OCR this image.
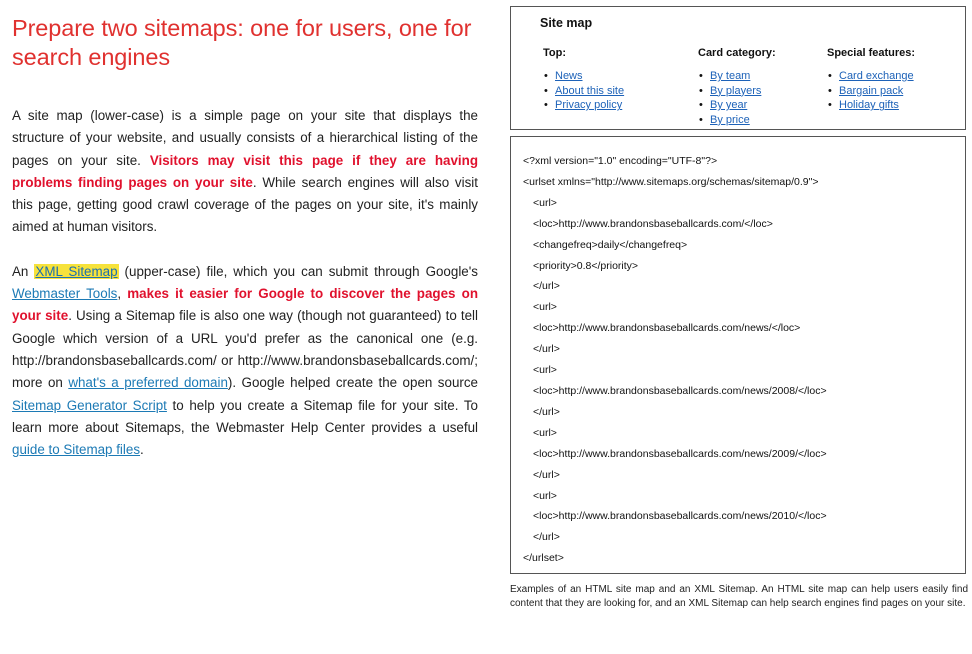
Prepare two sitemaps: one for users, one for search engines

A site map (lower-case) is a simple page on your site that displays the structure of your website, and usually consists of a hierarchical listing of the pages on your site. Visitors may visit this page if they are having problems finding pages on your site. While search engines will also visit this page, getting good crawl coverage of the pages on your site, it's mainly aimed at human visitors.

An XML Sitemap (upper-case) file, which you can submit through Google's Webmaster Tools, makes it easier for Google to discover the pages on your site. Using a Sitemap file is also one way (though not guaranteed) to tell Google which version of a URL you'd prefer as the canonical one (e.g. http://brandonsbaseballcards.com/ or http://www.brandonsbaseballcards.com/; more on what's a preferred domain). Google helped create the open source Sitemap Generator Script to help you create a Sitemap file for your site. To learn more about Sitemaps, the Webmaster Help Center provides a useful guide to Sitemap files.

Site map
Top:
• News
• About this site
• Privacy policy
Card category:
• By team
• By players
• By year
• By price
Special features:
• Card exchange
• Bargain pack
• Holiday gifts
<?xml version="1.0" encoding="UTF-8"?>
<urlset xmlns="http://www.sitemaps.org/schemas/sitemap/0.9">
<url>
<loc>http://www.brandonsbaseballcards.com/</loc>
<changefreq>daily</changefreq>
<priority>0.8</priority>
</url>
<url>
<loc>http://www.brandonsbaseballcards.com/news/</loc>
</url>
<url>
<loc>http://www.brandonsbaseballcards.com/news/2008/</loc>
</url>
<url>
<loc>http://www.brandonsbaseballcards.com/news/2009/</loc>
</url>
<url>
<loc>http://www.brandonsbaseballcards.com/news/2010/</loc>
</url>
</urlset>
Examples of an HTML site map and an XML Sitemap. An HTML site map can help users easily find content that they are looking for, and an XML Sitemap can help search engines find pages on your site.
